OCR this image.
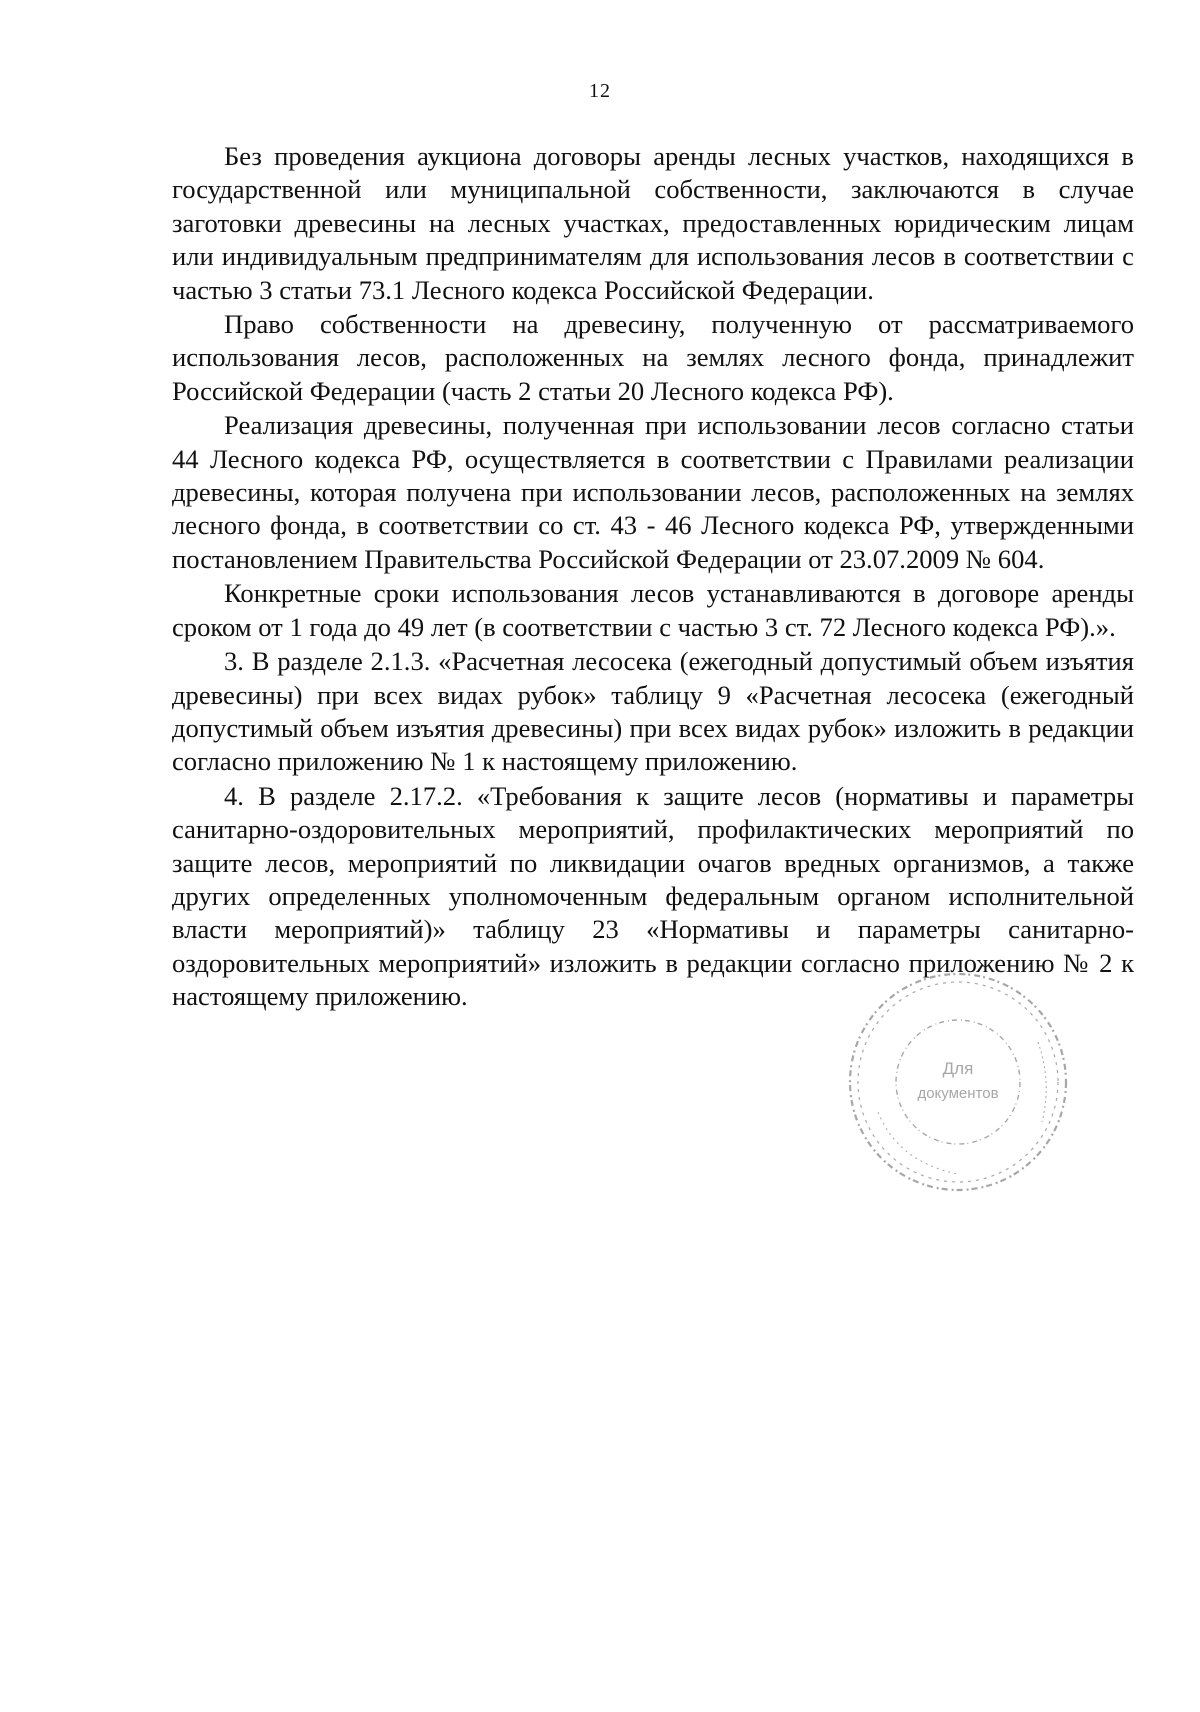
12

Без проведения аукциона договоры аренды лесных участков, находящихся в государственной или муниципальной собственности, заключаются в случае заготовки древесины на лесных участках, предоставленных юридическим лицам или индивидуальным предпринимателям для использования лесов в соответствии с частью 3 статьи 73.1 Лесного кодекса Российской Федерации.

Право собственности на древесину, полученную от рассматриваемого использования лесов, расположенных на землях лесного фонда, принадлежит Российской Федерации (часть 2 статьи 20 Лесного кодекса РФ).

Реализация древесины, полученная при использовании лесов согласно статьи 44 Лесного кодекса РФ, осуществляется в соответствии с Правилами реализации древесины, которая получена при использовании лесов, расположенных на землях лесного фонда, в соответствии со ст. 43 - 46 Лесного кодекса РФ, утвержденными постановлением Правительства Российской Федерации от 23.07.2009 № 604.

Конкретные сроки использования лесов устанавливаются в договоре аренды сроком от 1 года до 49 лет (в соответствии с частью 3 ст. 72 Лесного кодекса РФ).».

3. В разделе 2.1.3. «Расчетная лесосека (ежегодный допустимый объем изъятия древесины) при всех видах рубок» таблицу 9 «Расчетная лесосека (ежегодный допустимый объем изъятия древесины) при всех видах рубок» изложить в редакции согласно приложению № 1 к настоящему приложению.

4. В разделе 2.17.2. «Требования к защите лесов (нормативы и параметры санитарно-оздоровительных мероприятий, профилактических мероприятий по защите лесов, мероприятий по ликвидации очагов вредных организмов, а также других определенных уполномоченным федеральным органом исполнительной власти мероприятий)» таблицу 23 «Нормативы и параметры санитарно-оздоровительных мероприятий» изложить в редакции согласно приложению № 2 к настоящему приложению.

Для
документов
